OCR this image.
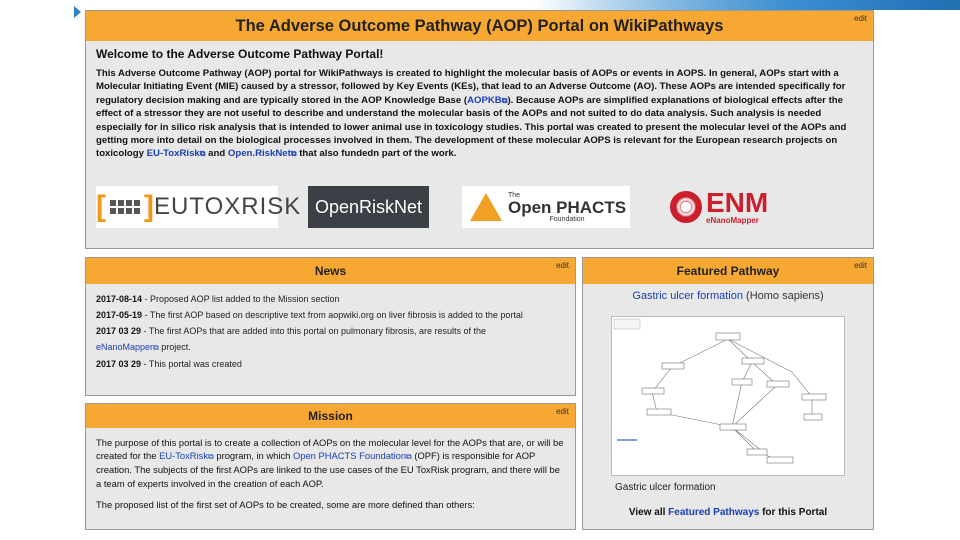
The Adverse Outcome Pathway (AOP) Portal on WikiPathways	edit
Welcome to the Adverse Outcome Pathway Portal!

This Adverse Outcome Pathway (AOP) portal for WikiPathways is created to highlight the molecular basis of AOPs or events in AOPS. In general, AOPs start with a Molecular Initiating Event (MIE) caused by a stressor, followed by Key Events (KEs), that lead to an Adverse Outcome (AO). These AOPs are intended specifically for regulatory decision making and are typically stored in the AOP Knowledge Base (AOPKB⧉). Because AOPs are simplified explanations of biological effects after the effect of a stressor they are not useful to describe and understand the molecular basis of the AOPs and not suited to do data analysis. Such analysis is needed especially for in silico risk analysis that is intended to lower animal use in toxicology studies. This portal was created to present the molecular level of the AOPs and getting more into detail on the biological processes involved in them. The development of these molecular AOPS is relevant for the European research projects on toxicology EU-ToxRisk⧉ and Open.RiskNet⧉ that also fundedn part of the work.

[ ] EUTOXRISK OpenRiskNet
The
Open PHACTS
Foundation
ENM
eNanoMapper
News	edit
2017-08-14 - Proposed AOP list added to the Mission section
2017-05-19 - The first AOP based on descriptive text from aopwiki.org on liver fibrosis is added to the portal
2017 03 29 - The first AOPs that are added into this portal on pulmonary fibrosis, are results of the
eNanoMapper⧉ project.
2017 03 29 - This portal was created
Mission	edit

The purpose of this portal is to create a collection of AOPs on the molecular level for the AOPs that are, or will be created for the EU-ToxRisk⧉ program, in which Open PHACTS Foundation⧉ (OPF) is responsible for AOP creation. The subjects of the first AOPs are linked to the use cases of the EU ToxRisk program, and there will be a team of experts involved in the creation of each AOP.

The proposed list of the first set of AOPs to be created, some are more defined than others:

Featured Pathway	edit
Gastric ulcer formation (Homo sapiens)
Gastric ulcer formation
View all Featured Pathways for this Portal
